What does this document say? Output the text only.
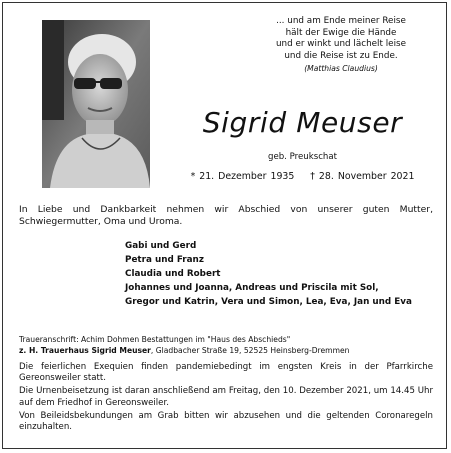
... und am Ende meiner Reise
hält der Ewige die Hände
und er winkt und lächelt leise
und die Reise ist zu Ende.
(Matthias Claudius)
Sigrid Meuser
geb. Preukschat
* 21. Dezember 1935 † 28. November 2021
In Liebe und Dankbarkeit nehmen wir Abschied von unserer guten Mutter, Schwiegermutter, Oma und Uroma.
Gabi und Gerd
Petra und Franz
Claudia und Robert
Johannes und Joanna, Andreas und Priscila mit Sol,
Gregor und Katrin, Vera und Simon, Lea, Eva, Jan und Eva
Traueranschrift: Achim Dohmen Bestattungen im "Haus des Abschieds"
z. H. Trauerhaus Sigrid Meuser, Gladbacher Straße 19, 52525 Heinsberg-Dremmen

Die feierlichen Exequien finden pandemiebedingt im engsten Kreis in der Pfarrkirche Gereonsweiler statt.

Die Urnenbeisetzung ist daran anschließend am Freitag, den 10. Dezember 2021, um 14.45 Uhr auf dem Friedhof in Gereonsweiler.

Von Beileidsbekundungen am Grab bitten wir abzusehen und die geltenden Coronaregeln einzuhalten.
